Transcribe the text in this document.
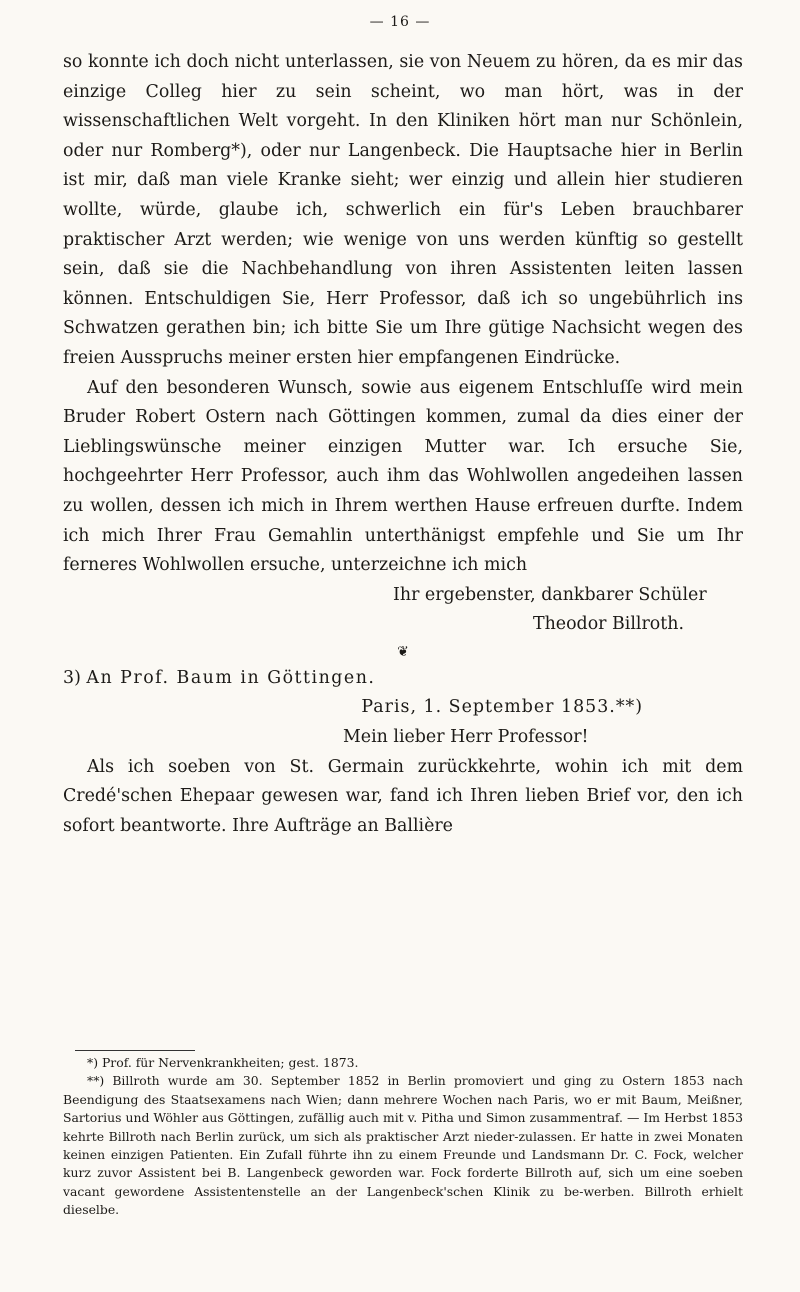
— 16 —

so konnte ich doch nicht unterlassen, sie von Neuem zu hören, da es mir das einzige Colleg hier zu sein scheint, wo man hört, was in der wissenschaftlichen Welt vorgeht. In den Kliniken hört man nur Schönlein, oder nur Romberg*), oder nur Langenbeck. Die Hauptsache hier in Berlin ist mir, daß man viele Kranke sieht; wer einzig und allein hier studieren wollte, würde, glaube ich, schwerlich ein für's Leben brauchbarer praktischer Arzt werden; wie wenige von uns werden künftig so gestellt sein, daß sie die Nachbehandlung von ihren Assistenten leiten lassen können. Entschuldigen Sie, Herr Professor, daß ich so ungebührlich ins Schwatzen gerathen bin; ich bitte Sie um Ihre gütige Nachsicht wegen des freien Ausspruchs meiner ersten hier empfangenen Eindrücke.

Auf den besonderen Wunsch, sowie aus eigenem Entschluſſe wird mein Bruder Robert Ostern nach Göttingen kommen, zumal da dies einer der Lieblingswünsche meiner einzigen Mutter war. Ich ersuche Sie, hochgeehrter Herr Professor, auch ihm das Wohlwollen angedeihen lassen zu wollen, dessen ich mich in Ihrem werthen Hause erfreuen durfte. Indem ich mich Ihrer Frau Gemahlin unterthänigst empfehle und Sie um Ihr ferneres Wohlwollen ersuche, unterzeichne ich mich

Ihr ergebenster, dankbarer Schüler

Theodor Billroth.

❦

3) An Prof. Baum in Göttingen.

Paris, 1. September 1853.**)

Mein lieber Herr Professor!

Als ich soeben von St. Germain zurückkehrte, wohin ich mit dem Credé'schen Ehepaar gewesen war, fand ich Ihren lieben Brief vor, den ich sofort beantworte. Ihre Aufträge an Ballière

*) Prof. für Nervenkrankheiten; gest. 1873.

**) Billroth wurde am 30. September 1852 in Berlin promoviert und ging zu Ostern 1853 nach Beendigung des Staatsexamens nach Wien; dann mehrere Wochen nach Paris, wo er mit Baum, Meißner, Sartorius und Wöhler aus Göttingen, zufällig auch mit v. Pitha und Simon zusammentraf. — Im Herbst 1853 kehrte Billroth nach Berlin zurück, um sich als praktischer Arzt nieder-zulassen. Er hatte in zwei Monaten keinen einzigen Patienten. Ein Zufall führte ihn zu einem Freunde und Landsmann Dr. C. Fock, welcher kurz zuvor Assistent bei B. Langenbeck geworden war. Fock forderte Billroth auf, sich um eine soeben vacant gewordene Assistentenstelle an der Langenbeck'schen Klinik zu be-werben. Billroth erhielt dieselbe.
